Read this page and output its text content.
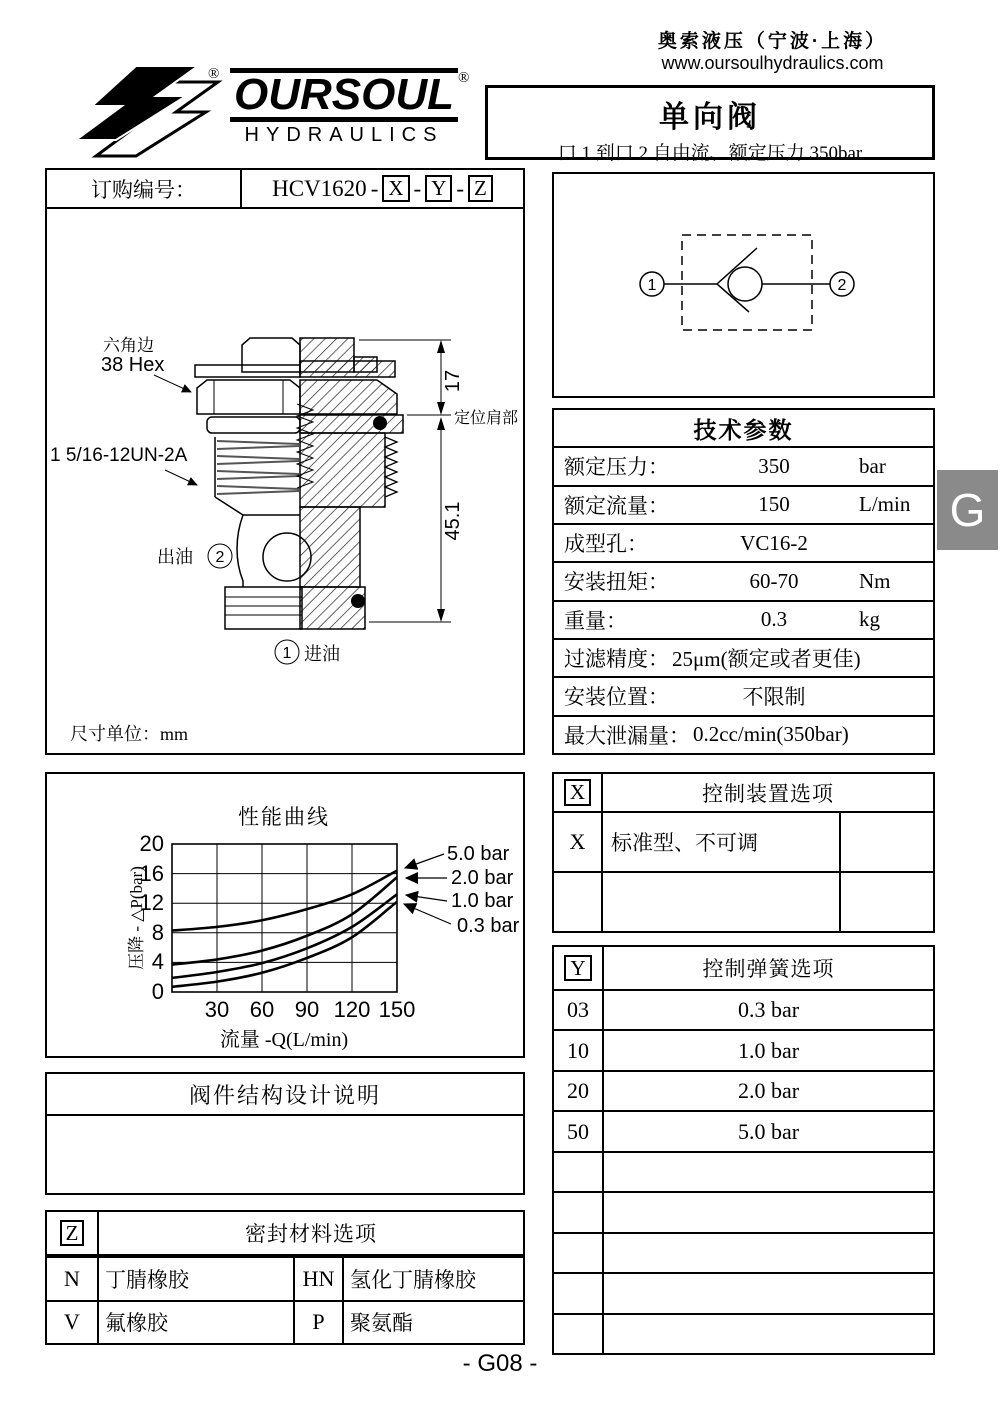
奥索液压（宁波·上海）
www.oursoulhydraulics.com
® OURSOUL
HYDRAULICS
®
单向阀
口 1 到口 2 自由流、额定压力 350bar
订购编号：	HCV1620 - X - Y - Z
17
45.1
定位肩部
六角边
38 Hex
1 5/16-12UN-2A
出油 2
1 进油
尺寸单位：mm
1	2
技术参数
额定压力：	350	bar
额定流量：	150	L/min
成型孔：	VC16-2
安装扭矩：	60-70	Nm
重量：	0.3	kg
过滤精度： 25μm(额定或者更佳)
安装位置：	不限制
最大泄漏量： 0.2cc/min(350bar)
性能曲线
0
4
8
12
16
20
30 60 90 120 150
压降 - △P(bar)
流量 -Q(L/min)
5.0 bar
2.0 bar
1.0 bar
0.3 bar
X	控制装置选项
X	标准型、不可调
Y	控制弹簧选项
03	0.3 bar
10	1.0 bar
20	2.0 bar
50	5.0 bar
阀件结构设计说明
Z	密封材料选项
N	丁腈橡胶	HN 氢化丁腈橡胶
V	氟橡胶	P	聚氨酯
- G08 -
G
